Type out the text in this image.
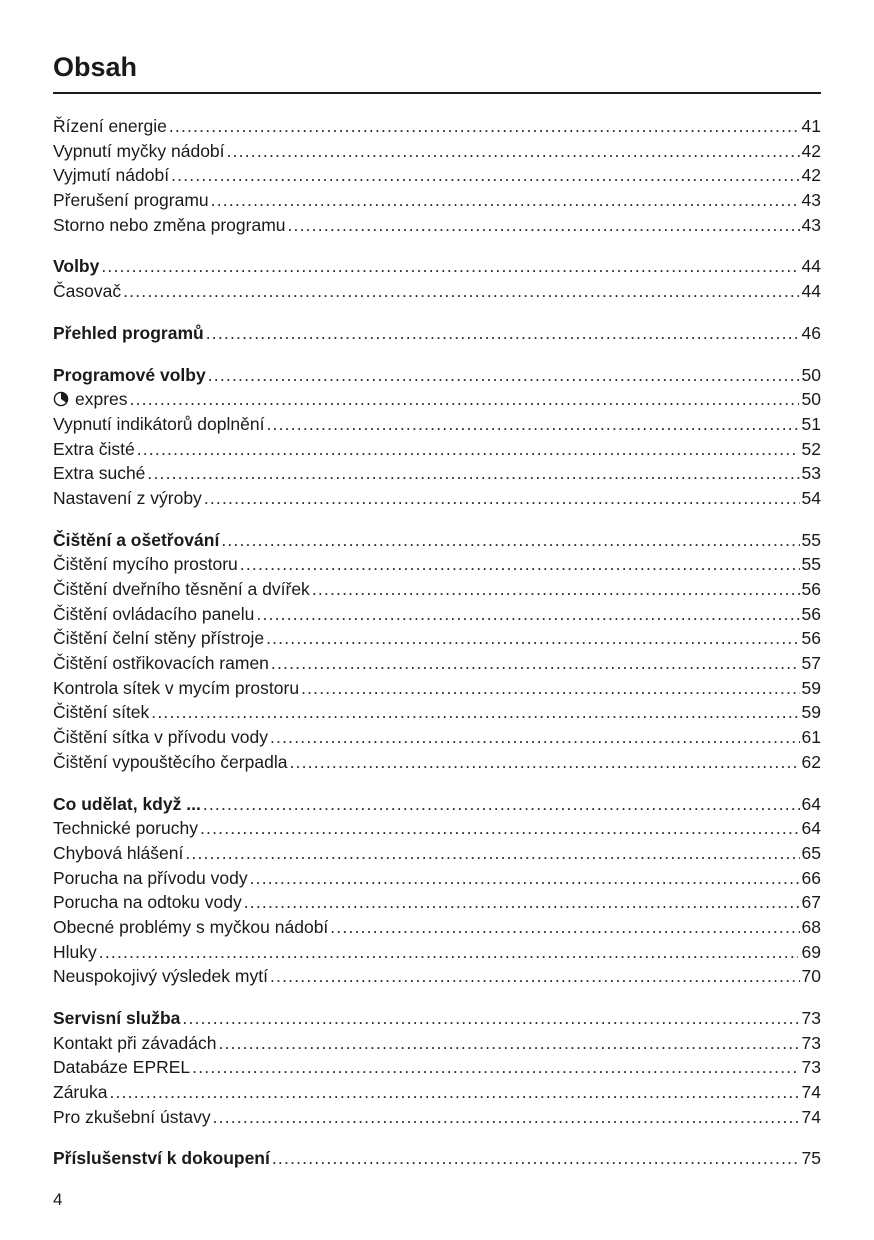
Obsah
Řízení energie .....	41
Vypnutí myčky nádobí .....	42
Vyjmutí nádobí .....	42
Přerušení programu .....	43
Storno nebo změna programu .....	43
Volby .....	44
Časovač .....	44
Přehled programů .....	46
Programové volby .....	50
expres .....	50
Vypnutí indikátorů doplnění .....	51
Extra čisté .....	52
Extra suché .....	53
Nastavení z výroby .....	54
Čištění a ošetřování .....	55
Čištění mycího prostoru .....	55
Čištění dveřního těsnění a dvířek .....	56
Čištění ovládacího panelu .....	56
Čištění čelní stěny přístroje .....	56
Čištění ostřikovacích ramen .....	57
Kontrola sítek v mycím prostoru .....	59
Čištění sítek .....	59
Čištění sítka v přívodu vody .....	61
Čištění vypouštěcího čerpadla .....	62
Co udělat, když ... .....	64
Technické poruchy .....	64
Chybová hlášení .....	65
Porucha na přívodu vody .....	66
Porucha na odtoku vody .....	67
Obecné problémy s myčkou nádobí .....	68
Hluky .....	69
Neuspokojivý výsledek mytí .....	70
Servisní služba .....	73
Kontakt při závadách .....	73
Databáze EPREL .....	73
Záruka .....	74
Pro zkušební ústavy .....	74
Příslušenství k dokoupení .....	75
4
